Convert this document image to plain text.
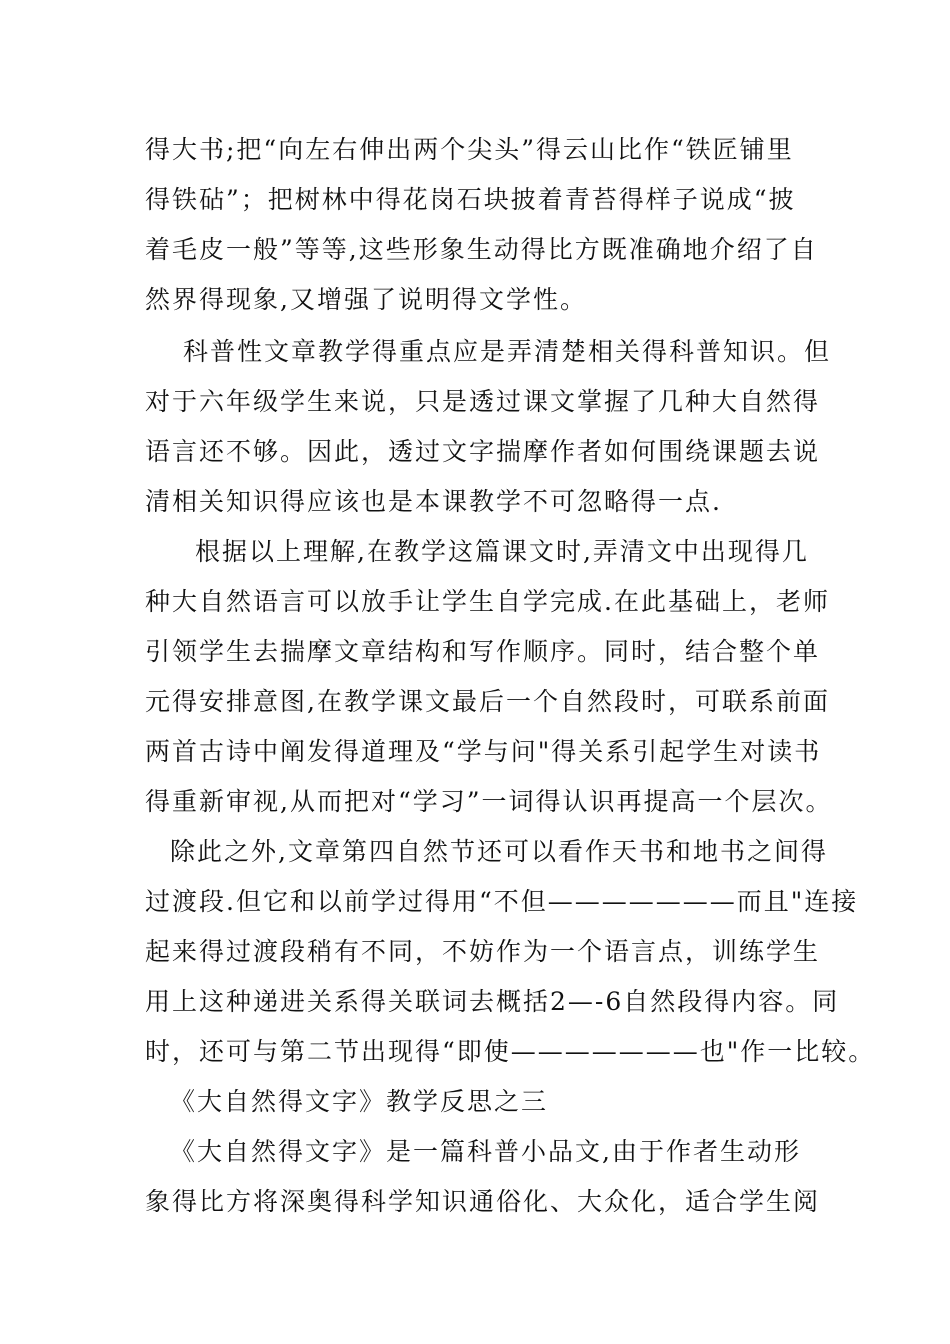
得大书;把“向左右伸出两个尖头”得云山比作“铁匠铺里
得铁砧”；把树林中得花岗石块披着青苔得样子说成“披
着毛皮一般”等等,这些形象生动得比方既准确地介绍了自
然界得现象,又增强了说明得文学性。
科普性文章教学得重点应是弄清楚相关得科普知识。但
对于六年级学生来说，只是透过课文掌握了几种大自然得
语言还不够。因此，透过文字揣摩作者如何围绕课题去说
清相关知识得应该也是本课教学不可忽略得一点.
根据以上理解,在教学这篇课文时,弄清文中出现得几
种大自然语言可以放手让学生自学完成.在此基础上，老师
引领学生去揣摩文章结构和写作顺序。同时，结合整个单
元得安排意图,在教学课文最后一个自然段时，可联系前面
两首古诗中阐发得道理及“学与问"得关系引起学生对读书
得重新审视,从而把对“学习”一词得认识再提高一个层次。
除此之外,文章第四自然节还可以看作天书和地书之间得
过渡段.但它和以前学过得用“不但———————而且"连接
起来得过渡段稍有不同，不妨作为一个语言点，训练学生
用上这种递进关系得关联词去概括2—-6自然段得内容。同
时，还可与第二节出现得“即使———————也"作一比较。
《大自然得文字》教学反思之三
《大自然得文字》是一篇科普小品文,由于作者生动形
象得比方将深奥得科学知识通俗化、大众化，适合学生阅
